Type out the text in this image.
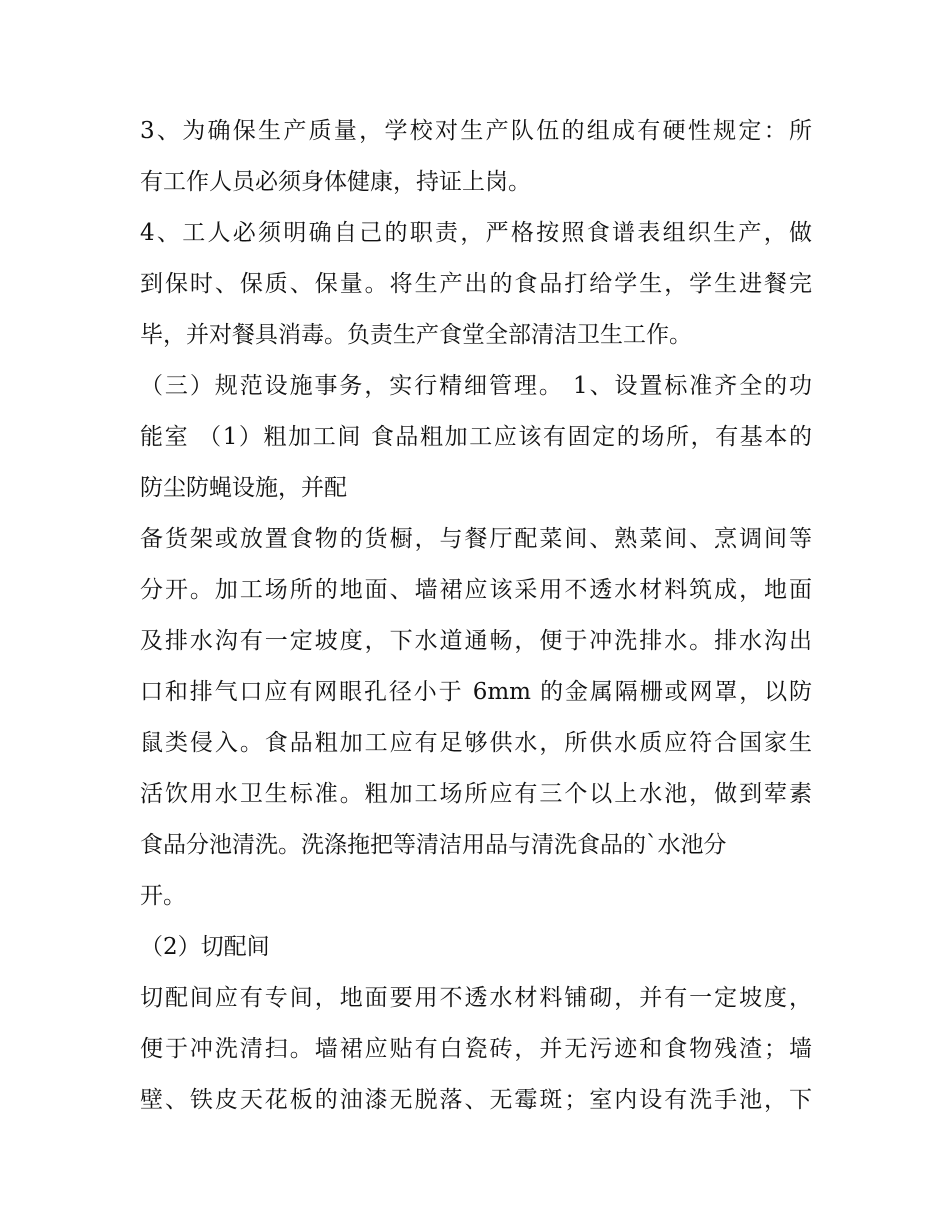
3、为确保生产质量，学校对生产队伍的组成有硬性规定：所
有工作人员必须身体健康，持证上岗。
4、工人必须明确自己的职责，严格按照食谱表组织生产，做
到保时、保质、保量。将生产出的食品打给学生，学生进餐完
毕，并对餐具消毒。负责生产食堂全部清洁卫生工作。
（三）规范设施事务，实行精细管理。 1、设置标准齐全的功
能室 （1）粗加工间 食品粗加工应该有固定的场所，有基本的
防尘防蝇设施，并配
备货架或放置食物的货橱，与餐厅配菜间、熟菜间、烹调间等
分开。加工场所的地面、墙裙应该采用不透水材料筑成，地面
及排水沟有一定坡度，下水道通畅，便于冲洗排水。排水沟出
口和排气口应有网眼孔径小于 6mm 的金属隔栅或网罩，以防
鼠类侵入。食品粗加工应有足够供水，所供水质应符合国家生
活饮用水卫生标准。粗加工场所应有三个以上水池，做到荤素
食品分池清洗。洗涤拖把等清洁用品与清洗食品的`水池分
开。
（2）切配间
切配间应有专间，地面要用不透水材料铺砌，并有一定坡度，
便于冲洗清扫。墙裙应贴有白瓷砖，并无污迹和食物残渣；墙
壁、铁皮天花板的油漆无脱落、无霉斑；室内设有洗手池，下
